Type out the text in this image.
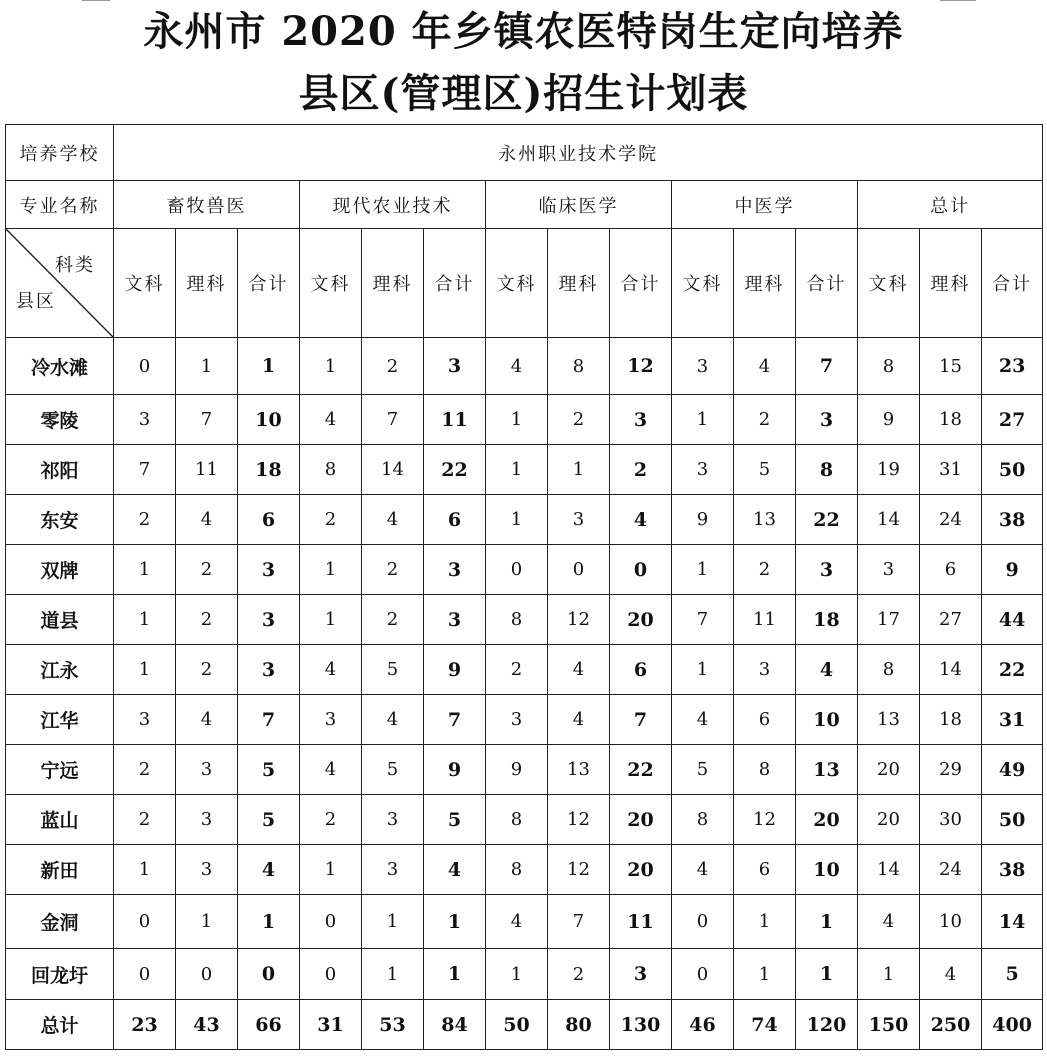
永州市 2020 年乡镇农医特岗生定向培养
县区(管理区)招生计划表
培养学校	永州职业技术学院														
专业名称	畜牧兽医			现代农业技术			临床医学			中医学			总计		

科类
县区	文科	理科	合计	文科	理科	合计	文科	理科	合计	文科	理科	合计	文科	理科	合计
冷水滩	0	1	1	1	2	3	4	8	12	3	4	7	8	15	23
零陵	3	7	10	4	7	11	1	2	3	1	2	3	9	18	27
祁阳	7	11	18	8	14	22	1	1	2	3	5	8	19	31	50
东安	2	4	6	2	4	6	1	3	4	9	13	22	14	24	38
双牌	1	2	3	1	2	3	0	0	0	1	2	3	3	6	9
道县	1	2	3	1	2	3	8	12	20	7	11	18	17	27	44
江永	1	2	3	4	5	9	2	4	6	1	3	4	8	14	22
江华	3	4	7	3	4	7	3	4	7	4	6	10	13	18	31
宁远	2	3	5	4	5	9	9	13	22	5	8	13	20	29	49
蓝山	2	3	5	2	3	5	8	12	20	8	12	20	20	30	50
新田	1	3	4	1	3	4	8	12	20	4	6	10	14	24	38
金洞	0	1	1	0	1	1	4	7	11	0	1	1	4	10	14
回龙圩	0	0	0	0	1	1	1	2	3	0	1	1	1	4	5
总计	23	43	66	31	53	84	50	80	130	46	74	120	150	250	400
